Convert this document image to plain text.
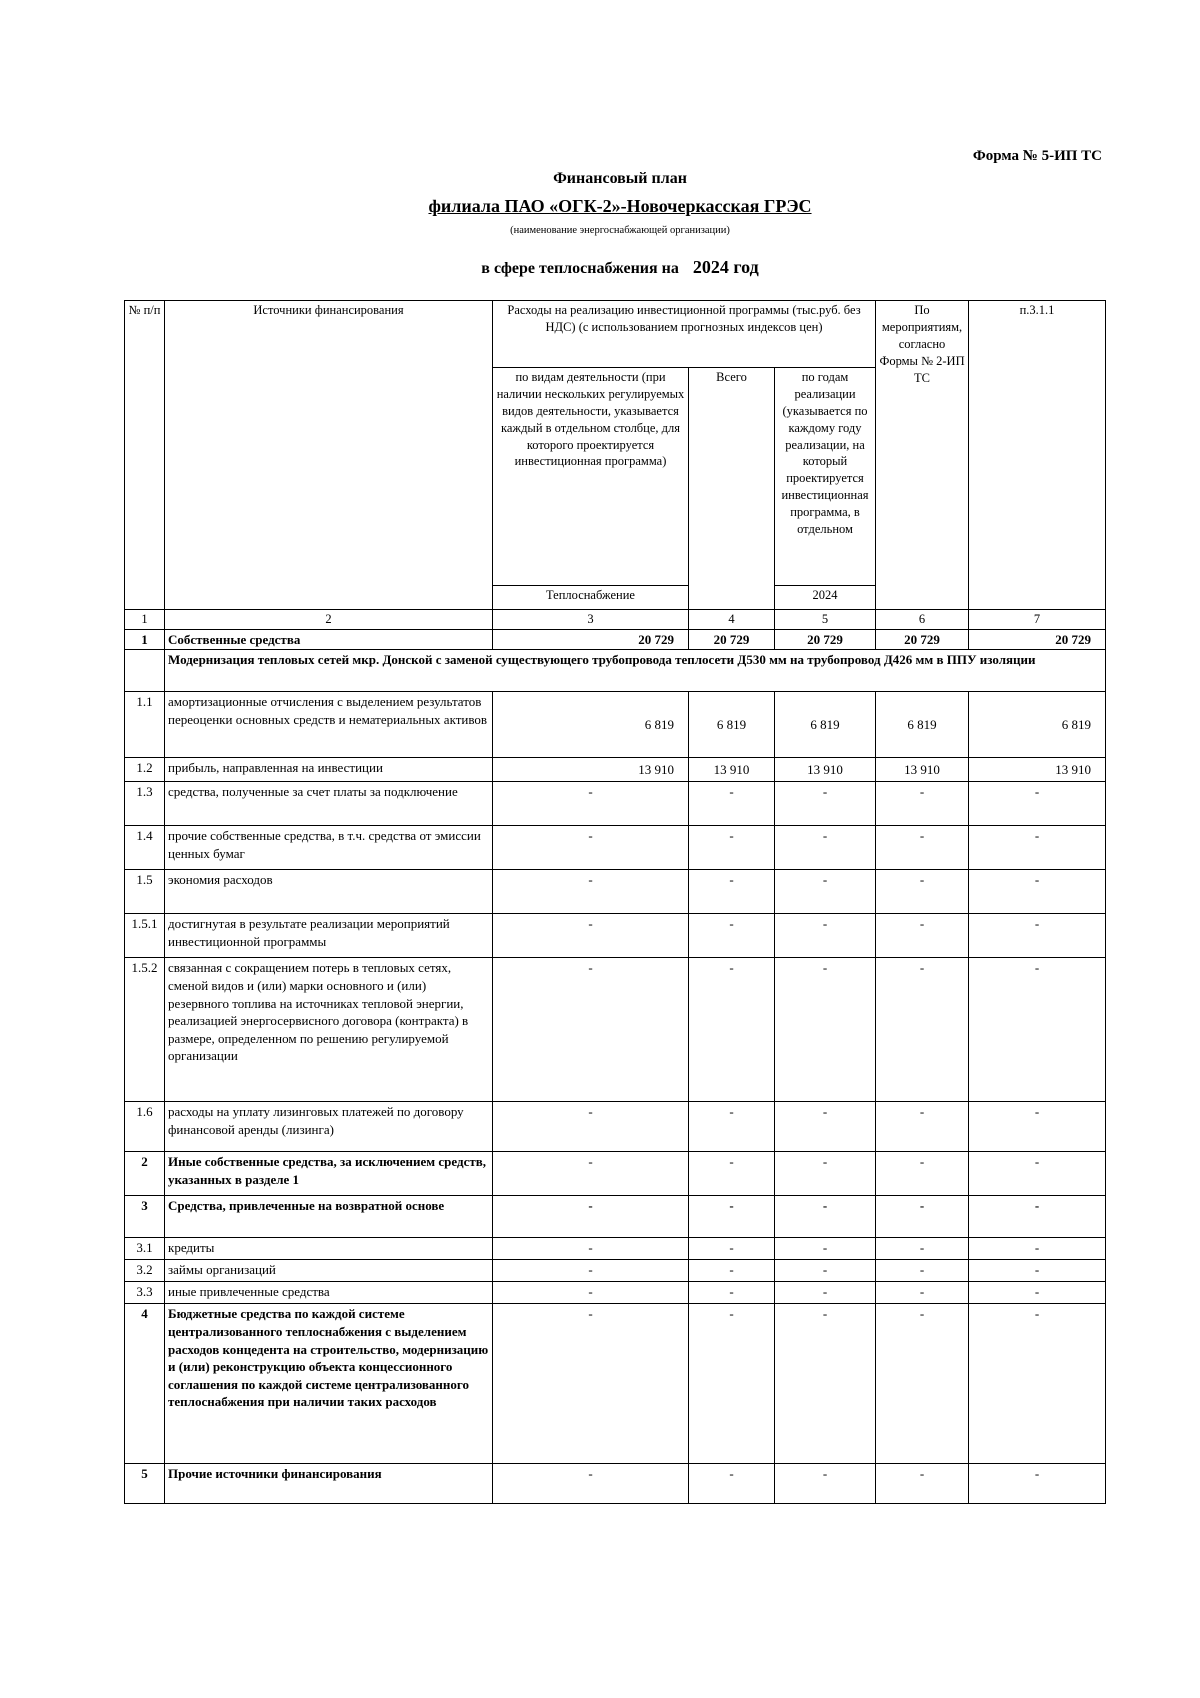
Форма № 5-ИП ТС
Финансовый план
филиала ПАО «ОГК-2»-Новочеркасская ГРЭС
(наименование энергоснабжающей организации)
в сфере теплоснабжения на 2024 год
№ п/п	Источники финансирования	Расходы на реализацию инвестиционной программы (тыс.руб. без НДС) (с использованием прогнозных индексов цен)			По мероприятиям, согласно Формы № 2-ИП ТС	п.3.1.1
		по видам деятельности (при наличии нескольких регулируемых видов деятельности, указывается каждый в отдельном столбце, для которого проектируется инвестиционная программа)	Всего	по годам реализации (указывается по каждому году реализации, на который проектируется инвестиционная программа, в отдельном		
		Теплоснабжение		2024		
1	2	3	4	5	6	7
1	Собственные средства	20 729	20 729	20 729	20 729	20 729
	Модернизация тепловых сетей мкр. Донской с заменой существующего трубопровода теплосети Д530 мм на трубопровод Д426 мм в ППУ изоляции					
1.1	амортизационные отчисления с выделением результатов переоценки основных средств и нематериальных активов	6 819	6 819	6 819	6 819	6 819
1.2	прибыль, направленная на инвестиции	13 910	13 910	13 910	13 910	13 910
1.3	средства, полученные за счет платы за подключение	-	-	-	-	-
1.4	прочие собственные средства, в т.ч. средства от эмиссии ценных бумаг	-	-	-	-	-
1.5	экономия расходов	-	-	-	-	-
1.5.1	достигнутая в результате реализации мероприятий инвестиционной программы	-	-	-	-	-
1.5.2	связанная с сокращением потерь в тепловых сетях, сменой видов и (или) марки основного и (или) резервного топлива на источниках тепловой энергии, реализацией энергосервисного договора (контракта) в размере, определенном по решению регулируемой организации	-	-	-	-	-
1.6	расходы на уплату лизинговых платежей по договору финансовой аренды (лизинга)	-	-	-	-	-
2	Иные собственные средства, за исключением средств, указанных в разделе 1	-	-	-	-	-
3	Средства, привлеченные на возвратной основе	-	-	-	-	-
3.1	кредиты	-	-	-	-	-
3.2	займы организаций	-	-	-	-	-
3.3	иные привлеченные средства	-	-	-	-	-
4	Бюджетные средства по каждой системе централизованного теплоснабжения с выделением расходов концедента на строительство, модернизацию и (или) реконструкцию объекта концессионного соглашения по каждой системе централизованного теплоснабжения при наличии таких расходов	-	-	-	-	-
5	Прочие источники финансирования	-	-	-	-	-
